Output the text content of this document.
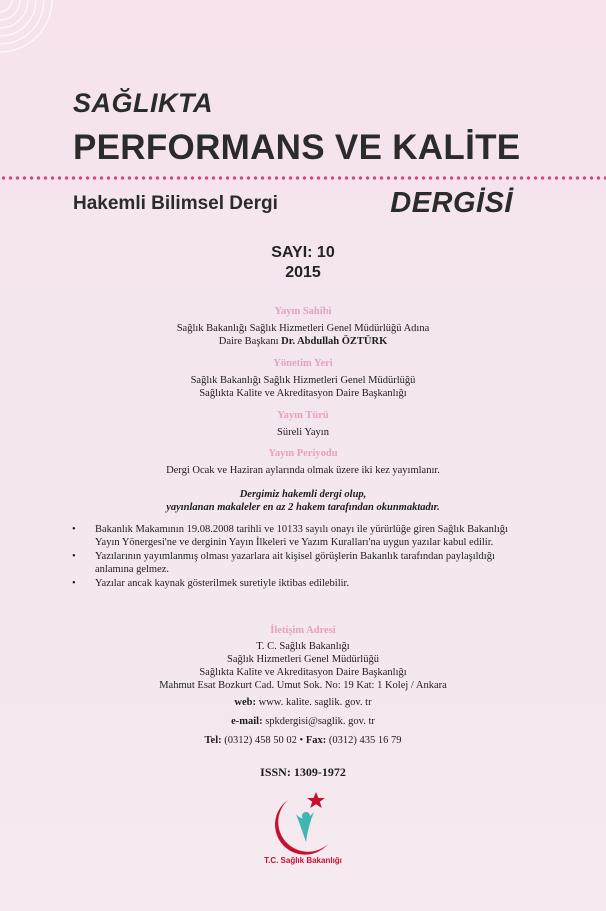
SAĞLIKTA
PERFORMANS VE KALİTE
Hakemli Bilimsel Dergi	DERGİSİ
SAYI: 10
2015
Yayın Sahibi
Sağlık Bakanlığı Sağlık Hizmetleri Genel Müdürlüğü Adına
Daire Başkanı Dr. Abdullah ÖZTÜRK
Yönetim Yeri
Sağlık Bakanlığı Sağlık Hizmetleri Genel Müdürlüğü
Sağlıkta Kalite ve Akreditasyon Daire Başkanlığı
Yayın Türü
Süreli Yayın
Yayın Periyodu
Dergi Ocak ve Haziran aylarında olmak üzere iki kez yayımlanır.
Dergimiz hakemli dergi olup,
yayınlanan makaleler en az 2 hakem tarafından okunmaktadır.
• Bakanlık Makamının 19.08.2008 tarihli ve 10133 sayılı onayı ile yürürlüğe giren Sağlık Bakanlığı Yayın Yönergesi'ne ve derginin Yayın İlkeleri ve Yazım Kuralları'na uygun yazılar kabul edilir.
• Yazılarının yayımlanmış olması yazarlara ait kişisel görüşlerin Bakanlık tarafından paylaşıldığı anlamına gelmez.
• Yazılar ancak kaynak gösterilmek suretiyle iktibas edilebilir.
İletişim Adresi
T. C. Sağlık Bakanlığı
Sağlık Hizmetleri Genel Müdürlüğü
Sağlıkta Kalite ve Akreditasyon Daire Başkanlığı
Mahmut Esat Bozkurt Cad. Umut Sok. No: 19 Kat: 1 Kolej / Ankara
web: www. kalite. saglik. gov. tr
e-mail: spkdergisi@saglik. gov. tr
Tel: (0312) 458 50 02 • Fax: (0312) 435 16 79
ISSN: 1309-1972
T.C. Sağlık Bakanlığı
